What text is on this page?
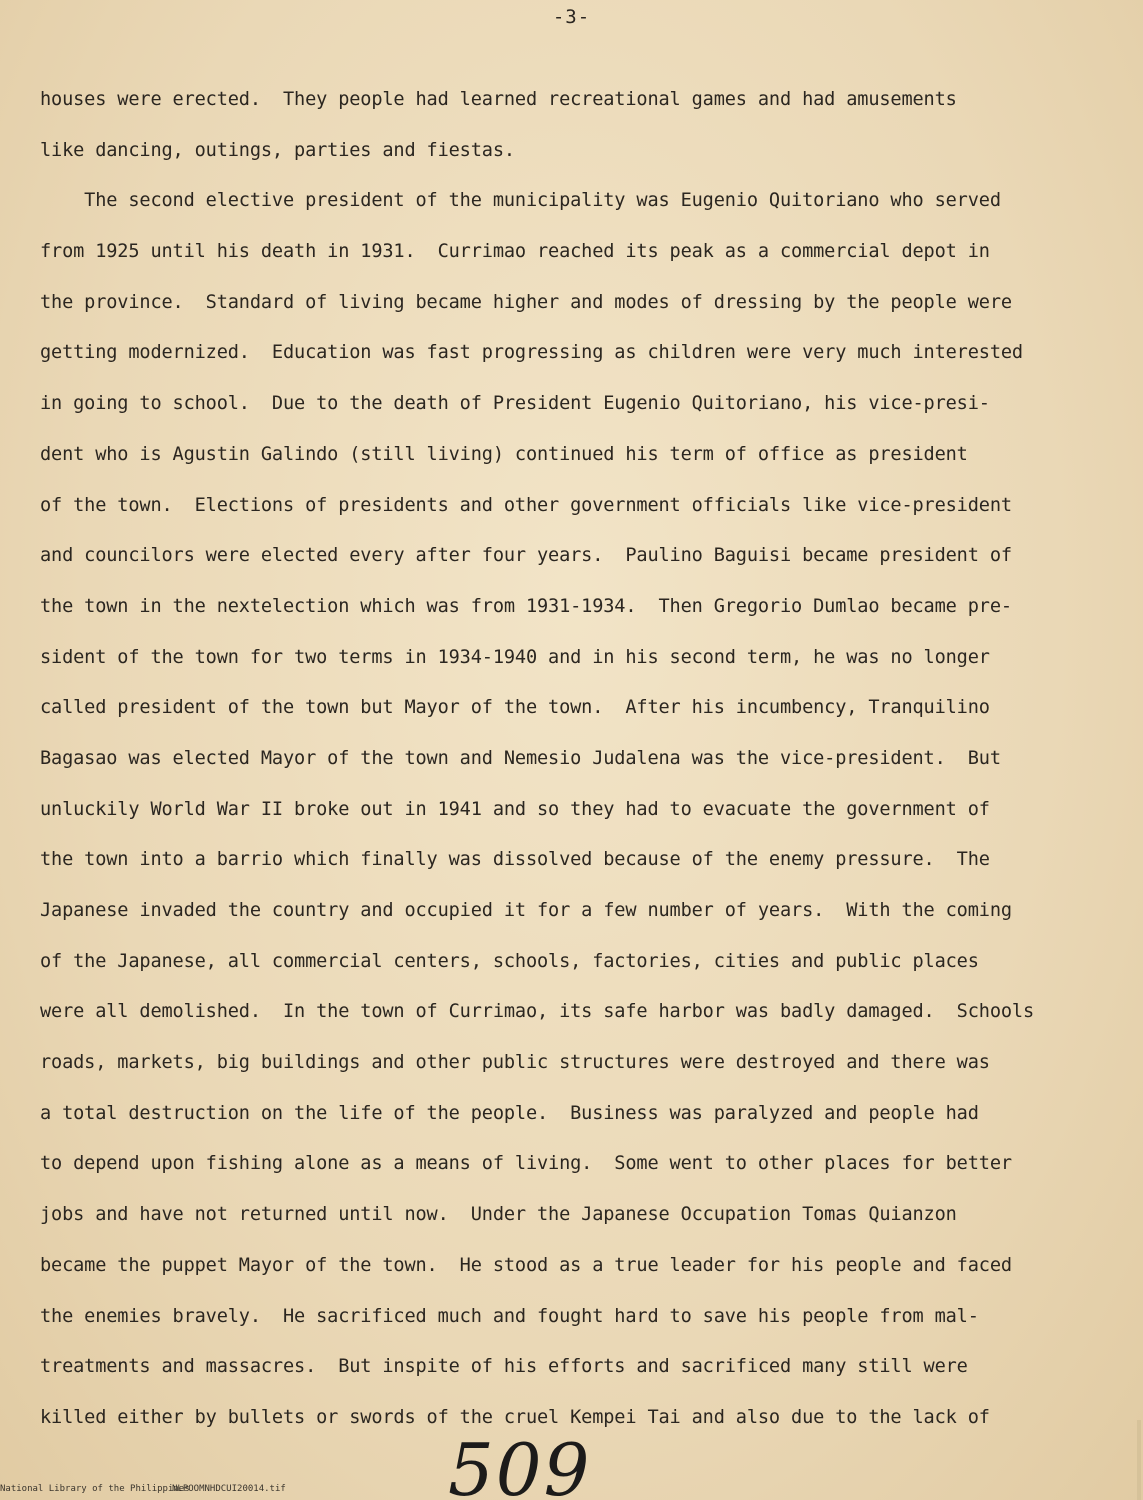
-3-
houses were erected.  They people had learned recreational games and had amusements
like dancing, outings, parties and fiestas.
The second elective president of the municipality was Eugenio Quitoriano who served
from 1925 until his death in 1931.  Currimao reached its peak as a commercial depot in
the province.  Standard of living became higher and modes of dressing by the people were
getting modernized.  Education was fast progressing as children were very much interested
in going to school.  Due to the death of President Eugenio Quitoriano, his vice-presi-
dent who is Agustin Galindo (still living) continued his term of office as president
of the town.  Elections of presidents and other government officials like vice-president
and councilors were elected every after four years.  Paulino Baguisi became president of
the town in the nextelection which was from 1931-1934.  Then Gregorio Dumlao became pre-
sident of the town for two terms in 1934-1940 and in his second term, he was no longer
called president of the town but Mayor of the town.  After his incumbency, Tranquilino
Bagasao was elected Mayor of the town and Nemesio Judalena was the vice-president.  But
unluckily World War II broke out in 1941 and so they had to evacuate the government of
the town into a barrio which finally was dissolved because of the enemy pressure.  The
Japanese invaded the country and occupied it for a few number of years.  With the coming
of the Japanese, all commercial centers, schools, factories, cities and public places
were all demolished.  In the town of Currimao, its safe harbor was badly damaged.  Schools
roads, markets, big buildings and other public structures were destroyed and there was
a total destruction on the life of the people.  Business was paralyzed and people had
to depend upon fishing alone as a means of living.  Some went to other places for better
jobs and have not returned until now.  Under the Japanese Occupation Tomas Quianzon
became the puppet Mayor of the town.  He stood as a true leader for his people and faced
the enemies bravely.  He sacrificed much and fought hard to save his people from mal-
treatments and massacres.  But inspite of his efforts and sacrificed many still were
killed either by bullets or swords of the cruel Kempei Tai and also due to the lack of
509
National Library of the Philippines
NLPOOMNHDCUI20014.tif
